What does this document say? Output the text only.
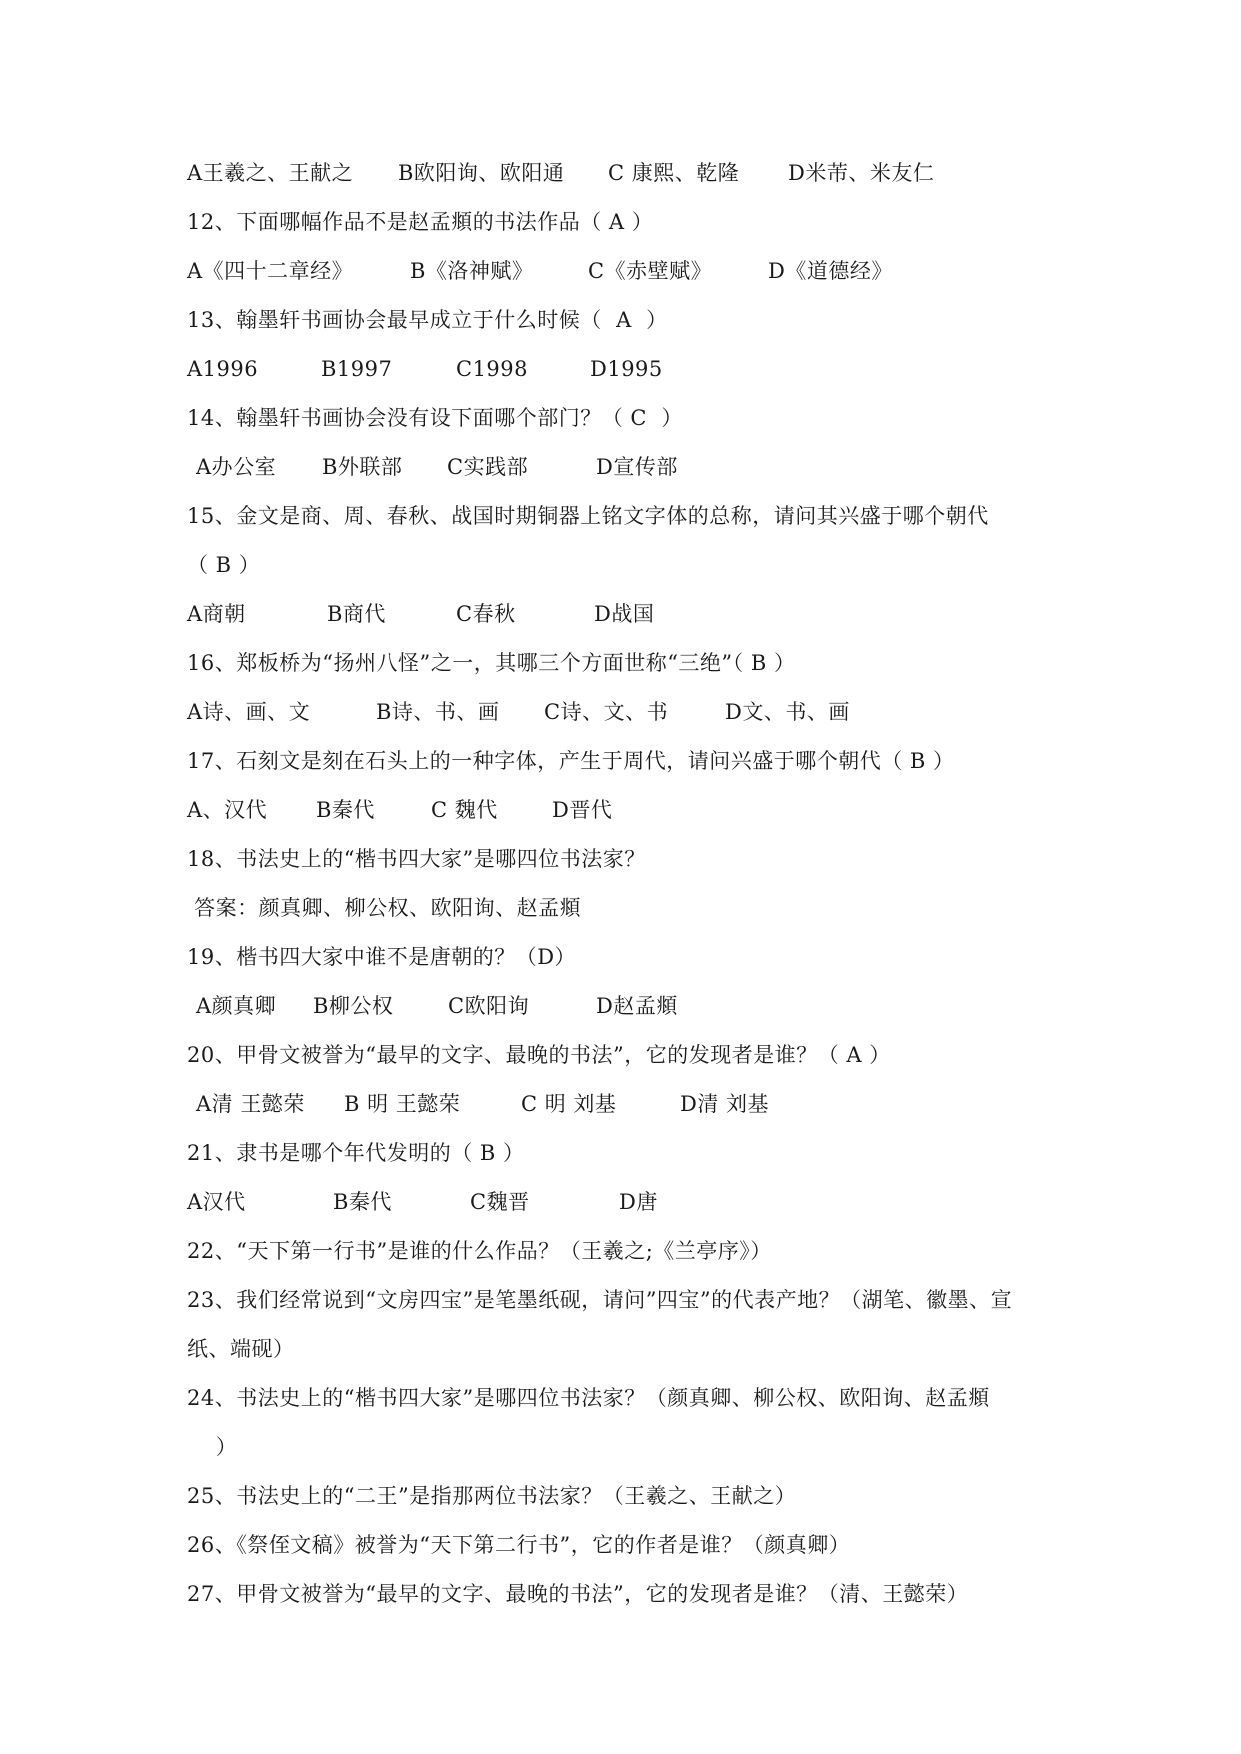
A王羲之、王献之

B欧阳询、欧阳通

C 康熙、乾隆

D米芾、米友仁

12、下面哪幅作品不是赵孟頫的书法作品（ A ）

A《四十二章经》

	B《洛神赋》

	C《赤壁赋》

	D《道德经》

13、翰墨轩书画协会最早成立于什么时候（  A  ）

A1996

	B1997

	C1998

	D1995

14、翰墨轩书画协会没有设下面哪个部门？（ C  ）

A办公室

B外联部

C实践部

	D宣传部

15、金文是商、周、春秋、战国时期铜器上铭文字体的总称，请问其兴盛于哪个朝代
（ B ）

A商朝

	B商代

	C春秋

	D战国

16、郑板桥为“扬州八怪”之一，其哪三个方面世称“三绝”（ B ）

A诗、画、文

	B诗、书、画

C诗、文、书

	D文、书、画

17、石刻文是刻在石头上的一种字体，产生于周代，请问兴盛于哪个朝代（ B ）

A、汉代

B秦代

	C 魏代

	D晋代

18、书法史上的“楷书四大家”是哪四位书法家？
答案：颜真卿、柳公权、欧阳询、赵孟頫
19、楷书四大家中谁不是唐朝的？（D）

A颜真卿

B柳公权

	C欧阳询

	D赵孟頫

20、甲骨文被誉为“最早的文字、最晚的书法”，它的发现者是谁？（ A ）

A清 王懿荣

B 明 王懿荣

	C 明 刘基

	D清 刘基

21、隶书是哪个年代发明的（ B ）

A汉代

	B秦代

	C魏晋

	D唐

22、“天下第一行书”是谁的什么作品？（王羲之;《兰亭序》）
23、我们经常说到“文房四宝”是笔墨纸砚，请问”四宝”的代表产地？（湖笔、徽墨、宣
纸、端砚）
24、书法史上的“楷书四大家”是哪四位书法家？（颜真卿、柳公权、欧阳询、赵孟頫
）
25、书法史上的“二王”是指那两位书法家？（王羲之、王献之）
26、《祭侄文稿》被誉为“天下第二行书”，它的作者是谁？（颜真卿）
27、甲骨文被誉为“最早的文字、最晚的书法”，它的发现者是谁？（清、王懿荣）
